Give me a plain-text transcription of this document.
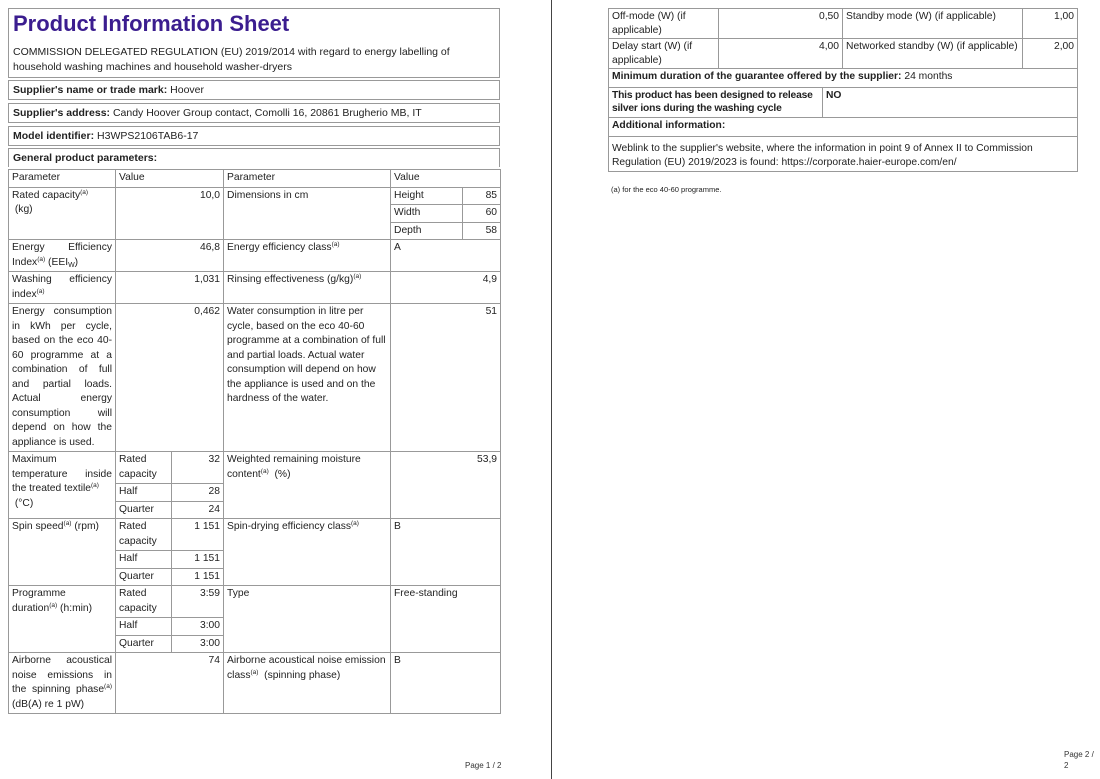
Product Information Sheet
COMMISSION DELEGATED REGULATION (EU) 2019/2014 with regard to energy labelling of household washing machines and household washer-dryers
Supplier's name or trade mark: Hoover
Supplier's address: Candy Hoover Group contact, Comolli 16, 20861 Brugherio MB, IT
Model identifier: H3WPS2106TAB6-17
General product parameters:
Parameter	Value		Parameter	Value	
Rated capacity$^{(a)}$
(kg)	10,0		Dimensions in cm	Height	85
				Width	60
				Depth	58
Energy Efficiency Index$^{(a)}$ $(EEI_W)$	46,8		Energy efficiency class$^{(a)}$	A	
Washing efficiency index$^{(a)}$	1,031		Rinsing effectiveness $(g/kg)^{(a)}$	4,9	
Energy consumption in kWh per cycle, based on the eco 40-60 programme at a combination of full and partial loads. Actual energy consumption will depend on how the appliance is used.	0,462		Water consumption in litre per cycle, based on the eco 40-60 programme at a combination of full and partial loads. Actual water consumption will depend on how the appliance is used and on the hardness of the water.	51	
Maximum temperature inside the treated textile$^{(a)}$
(°C)	Rated capacity	32	Weighted remaining moisture content$^{(a)}$ (%)	53,9	
	Half	28			
	Quarter	24			
Spin speed$^{(a)}$ (rpm)	Rated capacity	1 151	Spin-drying efficiency class$^{(a)}$	B	
	Half	1 151			
	Quarter	1 151			
Programme duration$^{(a)}$ (h:min)	Rated capacity	3:59	Type	Free-standing	
	Half	3:00			
	Quarter	3:00			
Airborne acoustical noise emissions in the spinning phase$^{(a)}$ (dB(A) re 1 pW)	74		Airborne acoustical noise emission class$^{(a)}$ (spinning phase)	B	
Page 1 / 2
Off-mode (W) (if applicable)	0,50		Standby mode (W) (if applicable)	1,00
Delay start (W) (if applicable)	4,00		Networked standby (W) (if applicable)	2,00
Minimum duration of the guarantee offered by the supplier: 24 months				
This product has been designed to release silver ions during the washing cycle		NO		
Additional information:				
Weblink to the supplier's website, where the information in point 9 of Annex II to Commission Regulation (EU) 2019/2023 is found: https://corporate.haier-europe.com/en/				
(a) for the eco 40-60 programme.
Page 2 / 2
